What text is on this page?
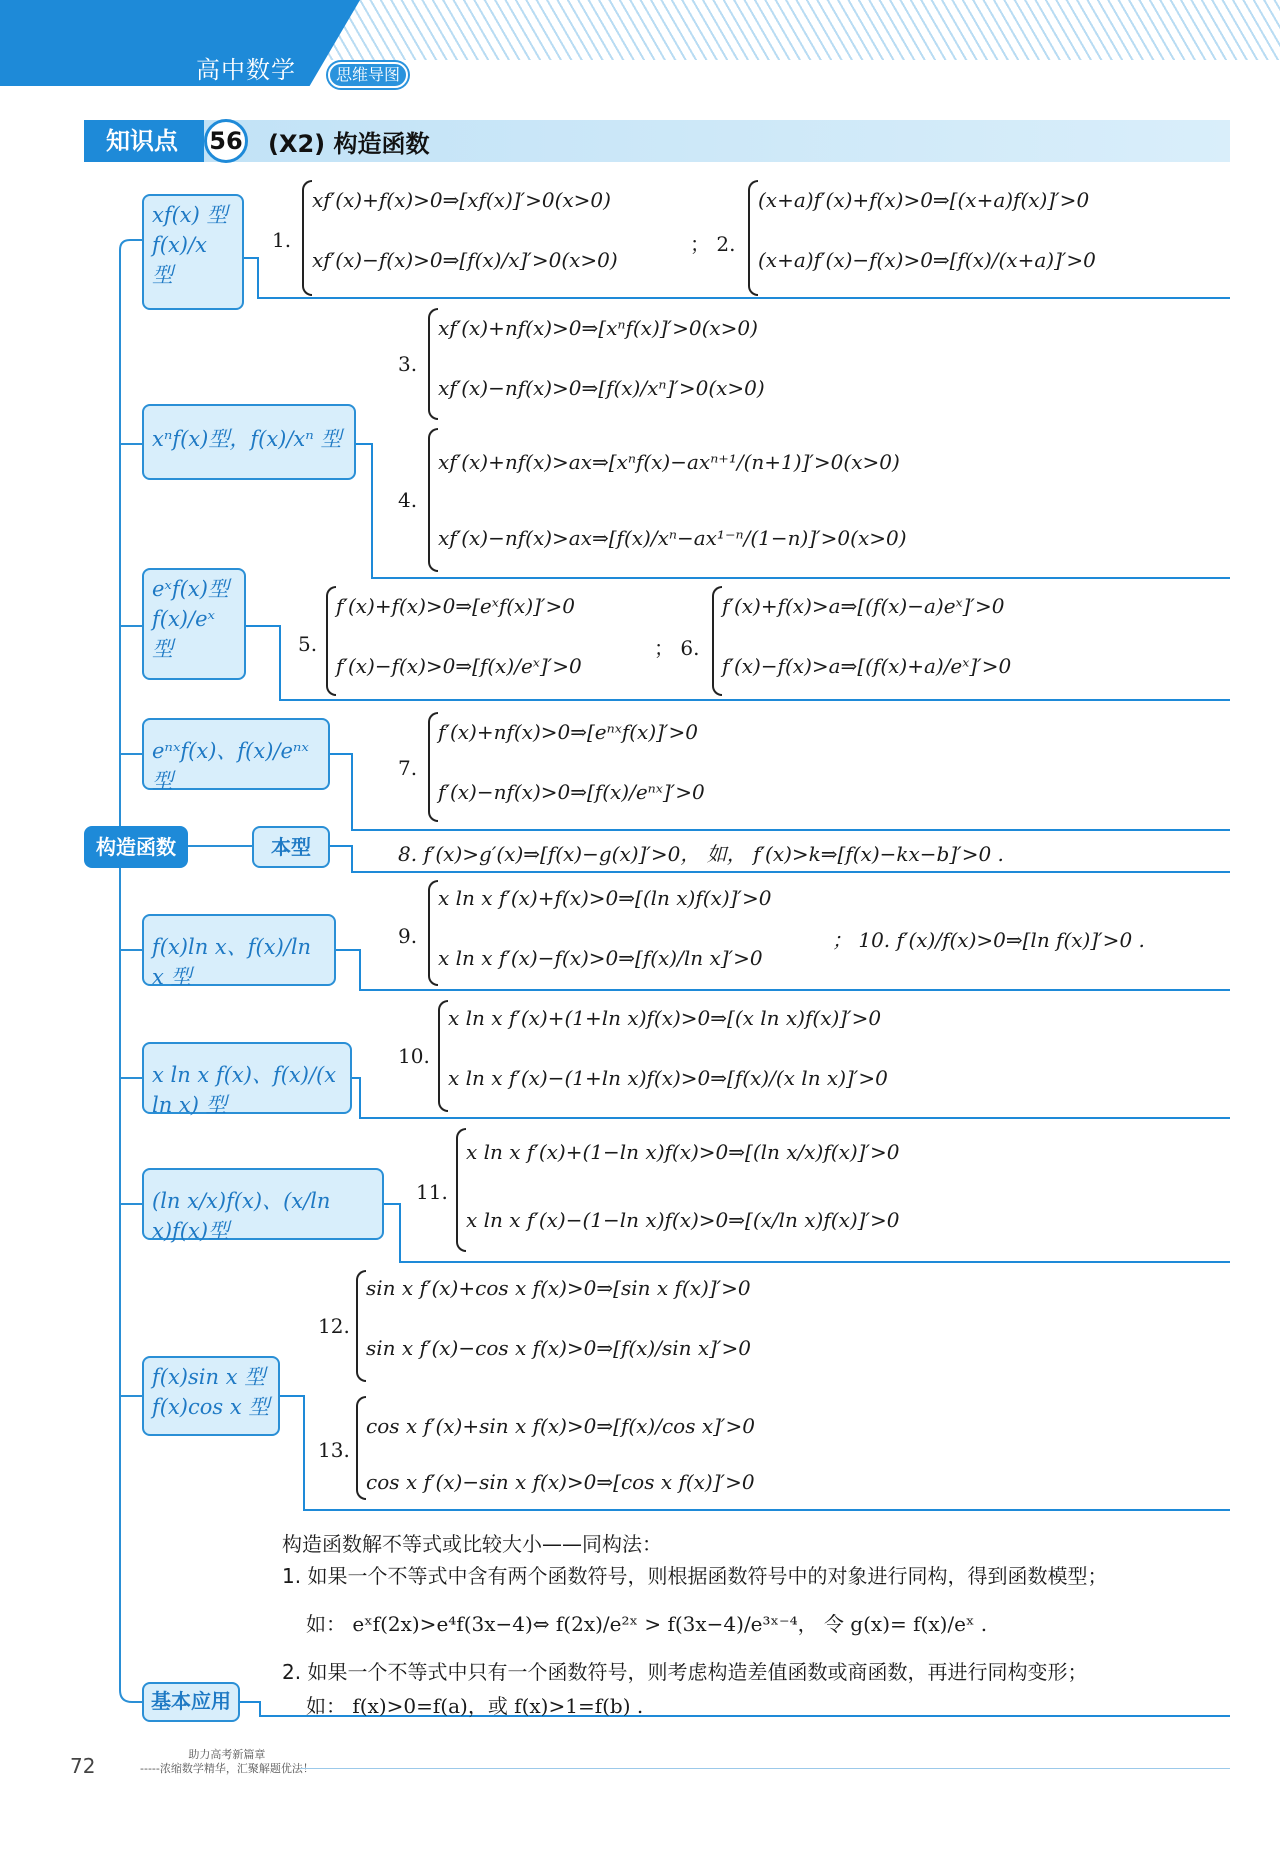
高中数学	思维导图
知识点	56 (X2) 构造函数
构造函数
xf(x) 型
f(x)/x 型
xⁿf(x)型，f(x)/xⁿ 型
eˣf(x)型
f(x)/eˣ 型
eⁿˣf(x)、f(x)/eⁿˣ 型
本型
f(x)ln x、f(x)/ln x 型
x ln x f(x)、f(x)/(x ln x) 型
(ln x/x)f(x)、(x/ln x)f(x)型
f(x)sin x 型
f(x)cos x 型
基本应用
1.
xf′(x)+f(x)>0⇒[xf(x)]′>0(x>0)
xf′(x)−f(x)>0⇒[f(x)/x]′>0(x>0)
； 2.
(x+a)f′(x)+f(x)>0⇒[(x+a)f(x)]′>0
(x+a)f′(x)−f(x)>0⇒[f(x)/(x+a)]′>0
3.
xf′(x)+nf(x)>0⇒[xⁿf(x)]′>0(x>0)
xf′(x)−nf(x)>0⇒[f(x)/xⁿ]′>0(x>0)
4.
xf′(x)+nf(x)>ax⇒[xⁿf(x)−axⁿ⁺¹/(n+1)]′>0(x>0)
xf′(x)−nf(x)>ax⇒[f(x)/xⁿ−ax¹⁻ⁿ/(1−n)]′>0(x>0)
5.
f′(x)+f(x)>0⇒[eˣf(x)]′>0
f′(x)−f(x)>0⇒[f(x)/eˣ]′>0
； 6.
f′(x)+f(x)>a⇒[(f(x)−a)eˣ]′>0
f′(x)−f(x)>a⇒[(f(x)+a)/eˣ]′>0
7.
f′(x)+nf(x)>0⇒[eⁿˣf(x)]′>0
f′(x)−nf(x)>0⇒[f(x)/eⁿˣ]′>0
8. f′(x)>g′(x)⇒[f(x)−g(x)]′>0， 如， f′(x)>k⇒[f(x)−kx−b]′>0 .
9.
x ln x f′(x)+f(x)>0⇒[(ln x)f(x)]′>0
x ln x f′(x)−f(x)>0⇒[f(x)/ln x]′>0
； 10. f′(x)/f(x)>0⇒[ln f(x)]′>0 .
10.
x ln x f′(x)+(1+ln x)f(x)>0⇒[(x ln x)f(x)]′>0
x ln x f′(x)−(1+ln x)f(x)>0⇒[f(x)/(x ln x)]′>0
11.
x ln x f′(x)+(1−ln x)f(x)>0⇒[(ln x/x)f(x)]′>0
x ln x f′(x)−(1−ln x)f(x)>0⇒[(x/ln x)f(x)]′>0
12.
sin x f′(x)+cos x f(x)>0⇒[sin x f(x)]′>0
sin x f′(x)−cos x f(x)>0⇒[f(x)/sin x]′>0
13.
cos x f′(x)+sin x f(x)>0⇒[f(x)/cos x]′>0
cos x f′(x)−sin x f(x)>0⇒[cos x f(x)]′>0
构造函数解不等式或比较大小——同构法：
1. 如果一个不等式中含有两个函数符号，则根据函数符号中的对象进行同构，得到函数模型；
如： eˣf(2x)>e⁴f(3x−4)⇔ f(2x)/e²ˣ > f(3x−4)/e³ˣ⁻⁴， 令 g(x)= f(x)/eˣ .
2. 如果一个不等式中只有一个函数符号，则考虑构造差值函数或商函数，再进行同构变形；
如： f(x)>0=f(a)，或 f(x)>1=f(b) .
72	助力高考新篇章
-----浓缩数学精华，汇聚解题优法！
